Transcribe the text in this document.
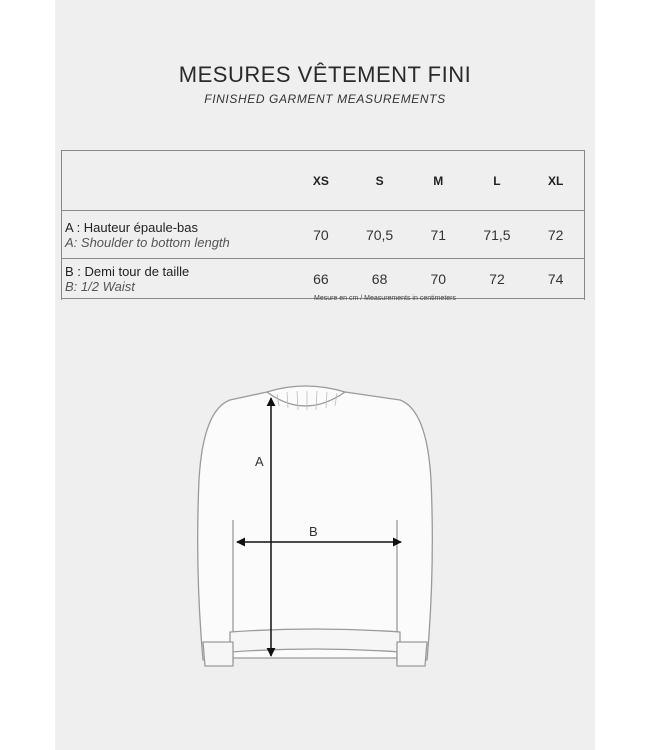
MESURES VÊTEMENT FINI
FINISHED GARMENT MEASUREMENTS
	XS	S	M	L	XL

A : Hauteur épaule-bas
A: Shoulder to bottom length	70	70,5	71	71,5	72

B : Demi tour de taille
B: 1/2 Waist	66	68	70	72	74
Mesure en cm / Measurements in centimeters
A
B
